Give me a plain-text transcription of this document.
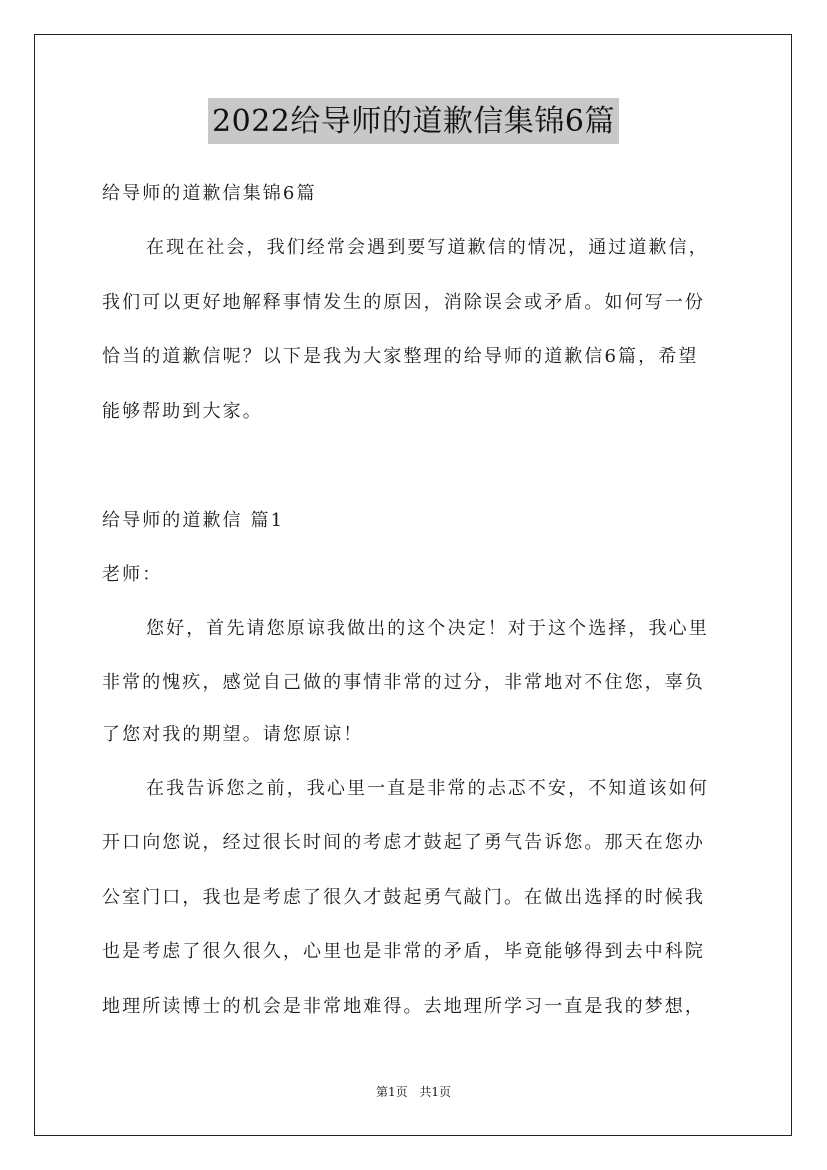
2022给导师的道歉信集锦6篇
给导师的道歉信集锦6篇
在现在社会，我们经常会遇到要写道歉信的情况，通过道歉信，
我们可以更好地解释事情发生的原因，消除误会或矛盾。如何写一份
恰当的道歉信呢？以下是我为大家整理的给导师的道歉信6篇，希望
能够帮助到大家。
给导师的道歉信 篇1
老师：
您好，首先请您原谅我做出的这个决定！对于这个选择，我心里
非常的愧疚，感觉自己做的事情非常的过分，非常地对不住您，辜负
了您对我的期望。请您原谅！
在我告诉您之前，我心里一直是非常的忐忑不安，不知道该如何
开口向您说，经过很长时间的考虑才鼓起了勇气告诉您。那天在您办
公室门口，我也是考虑了很久才鼓起勇气敲门。在做出选择的时候我
也是考虑了很久很久，心里也是非常的矛盾，毕竟能够得到去中科院
地理所读博士的机会是非常地难得。去地理所学习一直是我的梦想，
第1页 共1页
